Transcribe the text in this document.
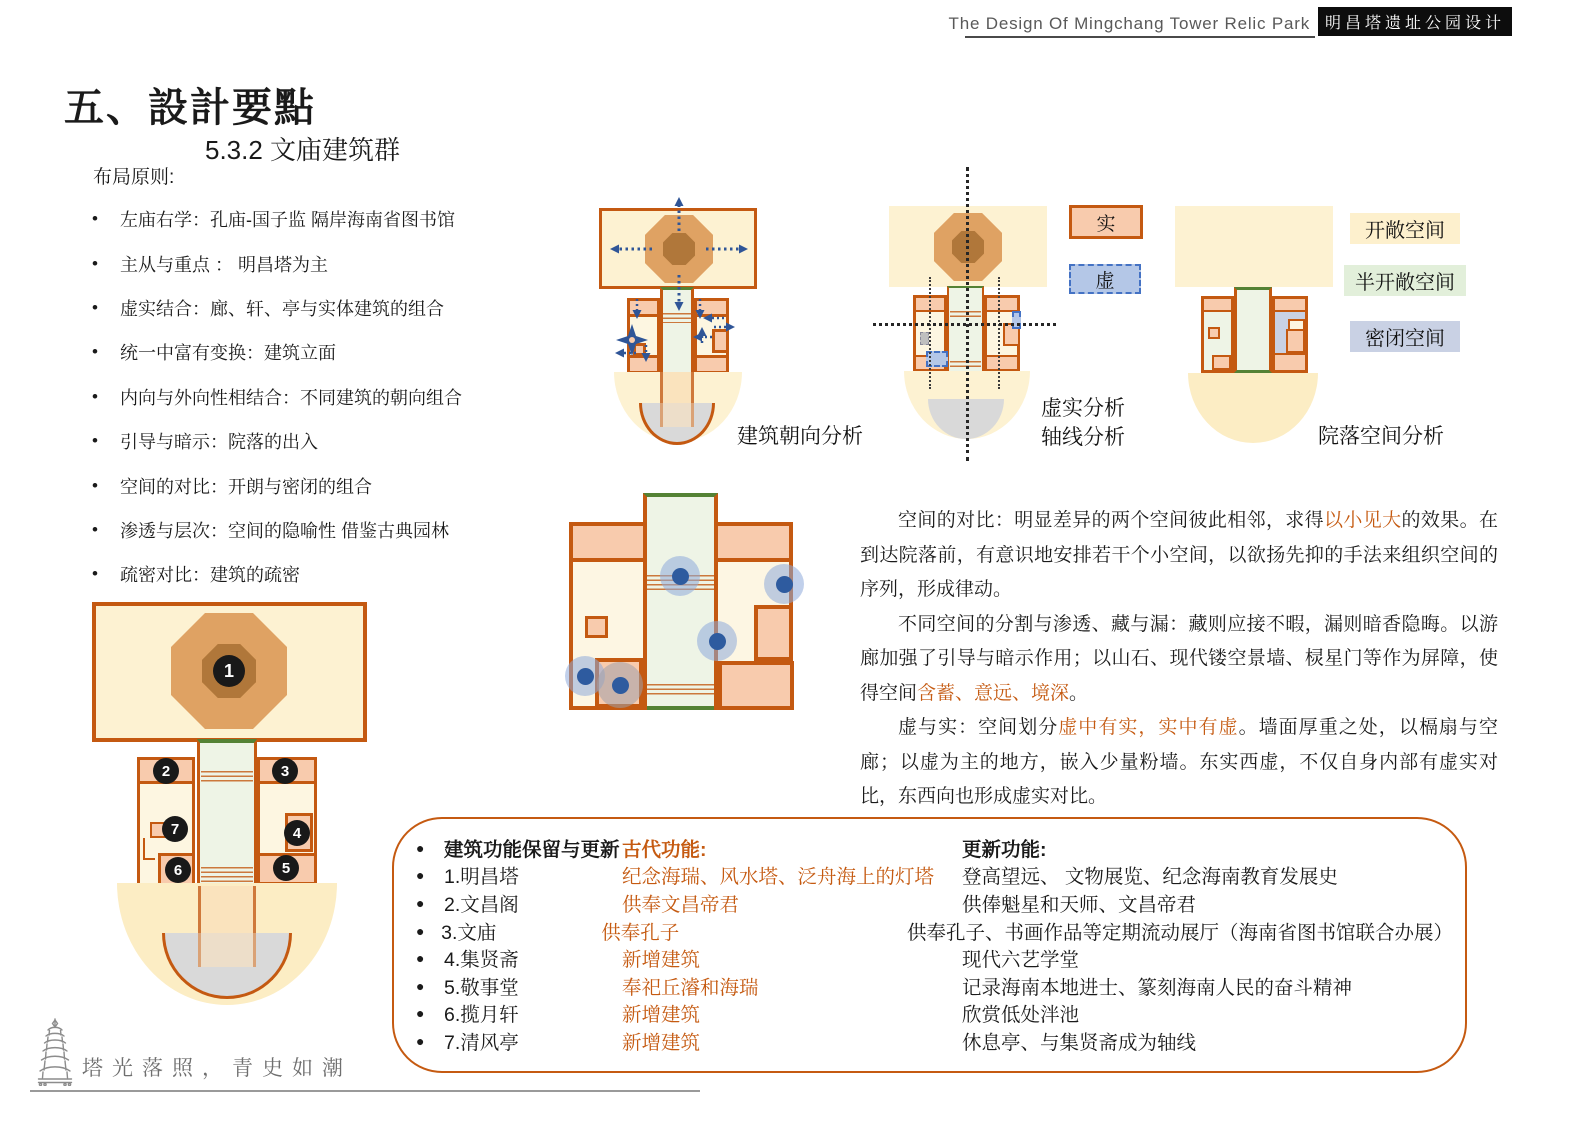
The Design Of Mingchang Tower Relic Park 明昌塔遗址公园设计
五、設計要點
5.3.2 文庙建筑群
布局原则:
•	左庙右学：孔庙-国子监 隔岸海南省图书馆
•	主从与重点 ： 明昌塔为主
•	虚实结合：廊、轩、亭与实体建筑的组合
•	统一中富有变换：建筑立面
•	内向与外向性相结合：不同建筑的朝向组合
•	引导与暗示：院落的出入
•	空间的对比：开朗与密闭的组合
•	渗透与层次：空间的隐喻性 借鉴古典园林
•	疏密对比：建筑的疏密
建筑朝向分析
虚实分析
轴线分析
实
虚
院落空间分析
开敞空间
半开敞空间
密闭空间
1
2	3
7	4
6	5

空间的对比：明显差异的两个空间彼此相邻，求得以小见大的效果。在到达院落前，有意识地安排若干个小空间，以欲扬先抑的手法来组织空间的序列，形成律动。

不同空间的分割与渗透、藏与漏：藏则应接不暇，漏则暗香隐晦。以游廊加强了引导与暗示作用；以山石、现代镂空景墙、棂星门等作为屏障，使得空间含蓄、意远、境深。

虚与实：空间划分虚中有实，实中有虚。墙面厚重之处，以槅扇与空廊；以虚为主的地方，嵌入少量粉墙。东实西虚，不仅自身内部有虚实对比，东西向也形成虚实对比。

●	建筑功能保留与更新 古代功能:	更新功能:
●	1.明昌塔	纪念海瑞、风水塔、泛舟海上的灯塔	登高望远、 文物展览、纪念海南教育发展史
●	2.文昌阁	供奉文昌帝君	供俸魁星和天师、文昌帝君
● 3.文庙	供奉孔子	供奉孔子、书画作品等定期流动展厅（海南省图书馆联合办展）
●	4.集贤斋	新增建筑	现代六艺学堂
●	5.敬事堂	奉祀丘濬和海瑞	记录海南本地进士、篆刻海南人民的奋斗精神
●	6.揽月轩	新增建筑	欣赏低处泮池
●	7.清风亭	新增建筑	休息亭、与集贤斋成为轴线
塔光落照，青史如潮
